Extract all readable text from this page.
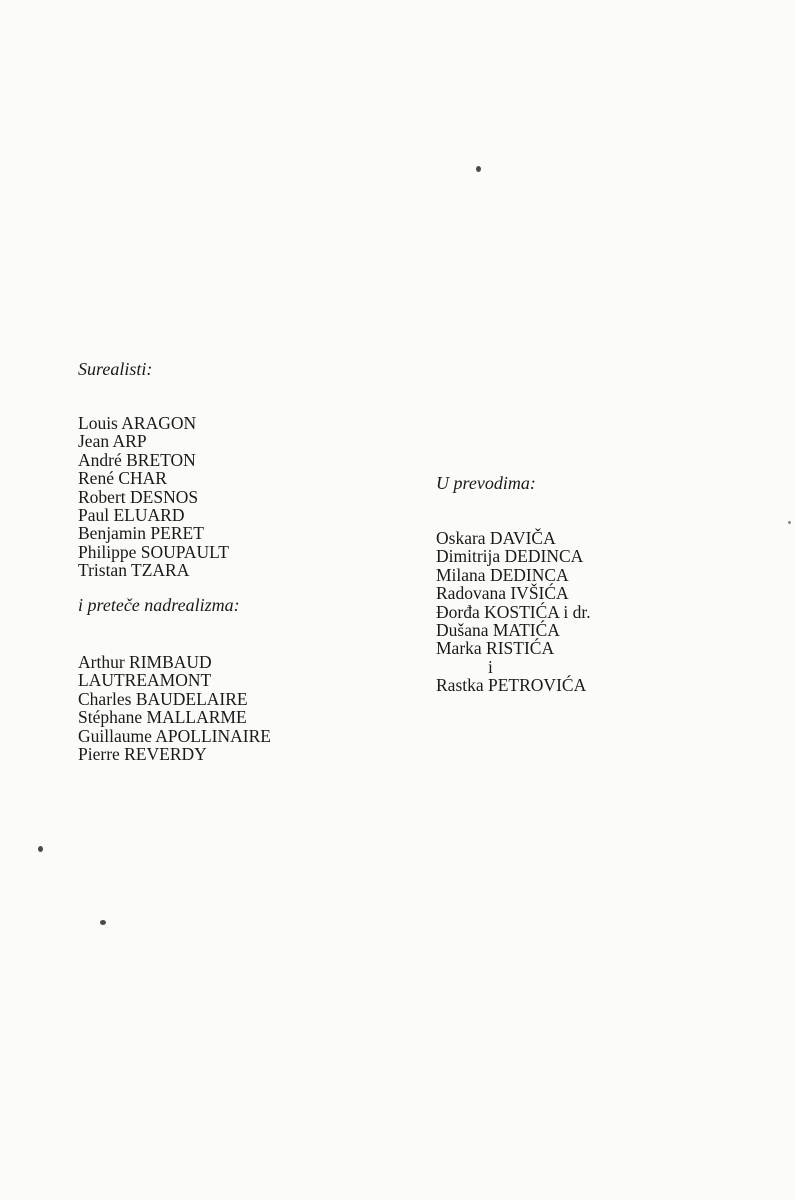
Surealisti:
Louis ARAGON
Jean ARP
André BRETON
René CHAR
Robert DESNOS
Paul ELUARD
Benjamin PERET
Philippe SOUPAULT
Tristan TZARA
i preteče nadrealizma:
Arthur RIMBAUD
LAUTREAMONT
Charles BAUDELAIRE
Stéphane MALLARME
Guillaume APOLLINAIRE
Pierre REVERDY
U prevodima:
Oskara DAVIČA
Dimitrija DEDINCA
Milana DEDINCA
Radovana IVŠIĆA
Đorđa KOSTIĆA i dr.
Dušana MATIĆA
Marka RISTIĆA
i
Rastka PETROVIĆA
